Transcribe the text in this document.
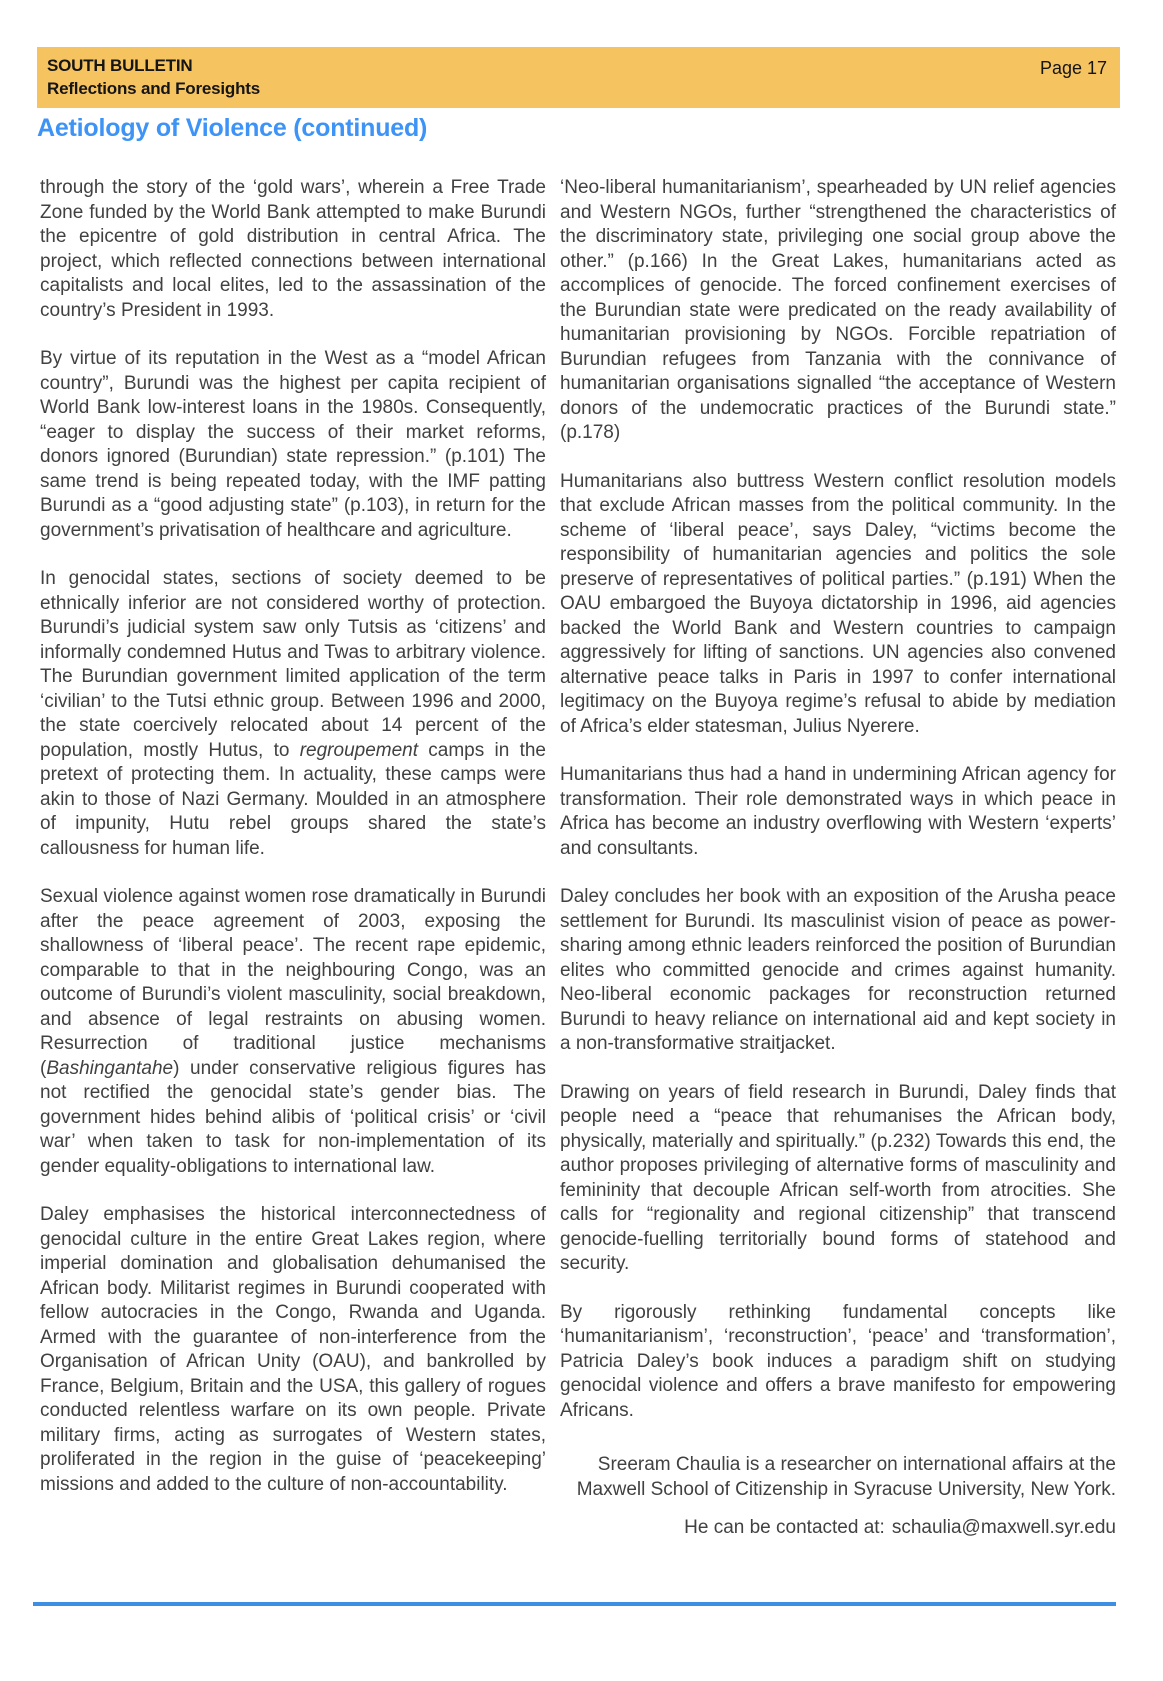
SOUTH BULLETIN
Reflections and Foresights
Page 17
Aetiology of Violence (continued)

through the story of the ‘gold wars’, wherein a Free Trade Zone funded by the World Bank attempted to make Burundi the epicentre of gold distribution in central Africa. The project, which reflected connections between international capitalists and local elites, led to the assassination of the country’s President in 1993.

By virtue of its reputation in the West as a “model African country”, Burundi was the highest per capita recipient of World Bank low-interest loans in the 1980s. Consequently, “eager to display the success of their market reforms, donors ignored (Burundian) state repression.” (p.101) The same trend is being repeated today, with the IMF patting Burundi as a “good adjusting state” (p.103), in return for the government’s privatisation of healthcare and agriculture.

In genocidal states, sections of society deemed to be ethnically inferior are not considered worthy of protection. Burundi’s judicial system saw only Tutsis as ‘citizens’ and informally condemned Hutus and Twas to arbitrary violence. The Burundian government limited application of the term ‘civilian’ to the Tutsi ethnic group. Between 1996 and 2000, the state coercively relocated about 14 percent of the population, mostly Hutus, to regroupement camps in the pretext of protecting them. In actuality, these camps were akin to those of Nazi Germany. Moulded in an atmosphere of impunity, Hutu rebel groups shared the state’s callousness for human life.

Sexual violence against women rose dramatically in Burundi after the peace agreement of 2003, exposing the shallowness of ‘liberal peace’. The recent rape epidemic, comparable to that in the neighbouring Congo, was an outcome of Burundi’s violent masculinity, social breakdown, and absence of legal restraints on abusing women. Resurrection of traditional justice mechanisms (Bashingantahe) under conservative religious figures has not rectified the genocidal state’s gender bias. The government hides behind alibis of ‘political crisis’ or ‘civil war’ when taken to task for non-implementation of its gender equality-obligations to international law.

Daley emphasises the historical interconnectedness of genocidal culture in the entire Great Lakes region, where imperial domination and globalisation dehumanised the African body. Militarist regimes in Burundi cooperated with fellow autocracies in the Congo, Rwanda and Uganda. Armed with the guarantee of non-interference from the Organisation of African Unity (OAU), and bankrolled by France, Belgium, Britain and the USA, this gallery of rogues conducted relentless warfare on its own people. Private military firms, acting as surrogates of Western states, proliferated in the region in the guise of ‘peacekeeping’ missions and added to the culture of non-accountability.

‘Neo-liberal humanitarianism’, spearheaded by UN relief agencies and Western NGOs, further “strengthened the characteristics of the discriminatory state, privileging one social group above the other.” (p.166) In the Great Lakes, humanitarians acted as accomplices of genocide. The forced confinement exercises of the Burundian state were predicated on the ready availability of humanitarian provisioning by NGOs. Forcible repatriation of Burundian refugees from Tanzania with the connivance of humanitarian organisations signalled “the acceptance of Western donors of the undemocratic practices of the Burundi state.” (p.178)

Humanitarians also buttress Western conflict resolution models that exclude African masses from the political community. In the scheme of ‘liberal peace’, says Daley, “victims become the responsibility of humanitarian agencies and politics the sole preserve of representatives of political parties.” (p.191) When the OAU embargoed the Buyoya dictatorship in 1996, aid agencies backed the World Bank and Western countries to campaign aggressively for lifting of sanctions. UN agencies also convened alternative peace talks in Paris in 1997 to confer international legitimacy on the Buyoya regime’s refusal to abide by mediation of Africa’s elder statesman, Julius Nyerere.

Humanitarians thus had a hand in undermining African agency for transformation. Their role demonstrated ways in which peace in Africa has become an industry overflowing with Western ‘experts’ and consultants.

Daley concludes her book with an exposition of the Arusha peace settlement for Burundi. Its masculinist vision of peace as power-sharing among ethnic leaders reinforced the position of Burundian elites who committed genocide and crimes against humanity. Neo-liberal economic packages for reconstruction returned Burundi to heavy reliance on international aid and kept society in a non-transformative straitjacket.

Drawing on years of field research in Burundi, Daley finds that people need a “peace that rehumanises the African body, physically, materially and spiritually.” (p.232) Towards this end, the author proposes privileging of alternative forms of masculinity and femininity that decouple African self-worth from atrocities. She calls for “regionality and regional citizenship” that transcend genocide-fuelling territorially bound forms of statehood and security.

By rigorously rethinking fundamental concepts like ‘humanitarianism’, ‘reconstruction’, ‘peace’ and ‘transformation’, Patricia Daley’s book induces a paradigm shift on studying genocidal violence and offers a brave manifesto for empowering Africans.

Sreeram Chaulia is a researcher on international affairs at the Maxwell School of Citizenship in Syracuse University, New York.

He can be contacted at: schaulia@maxwell.syr.edu
